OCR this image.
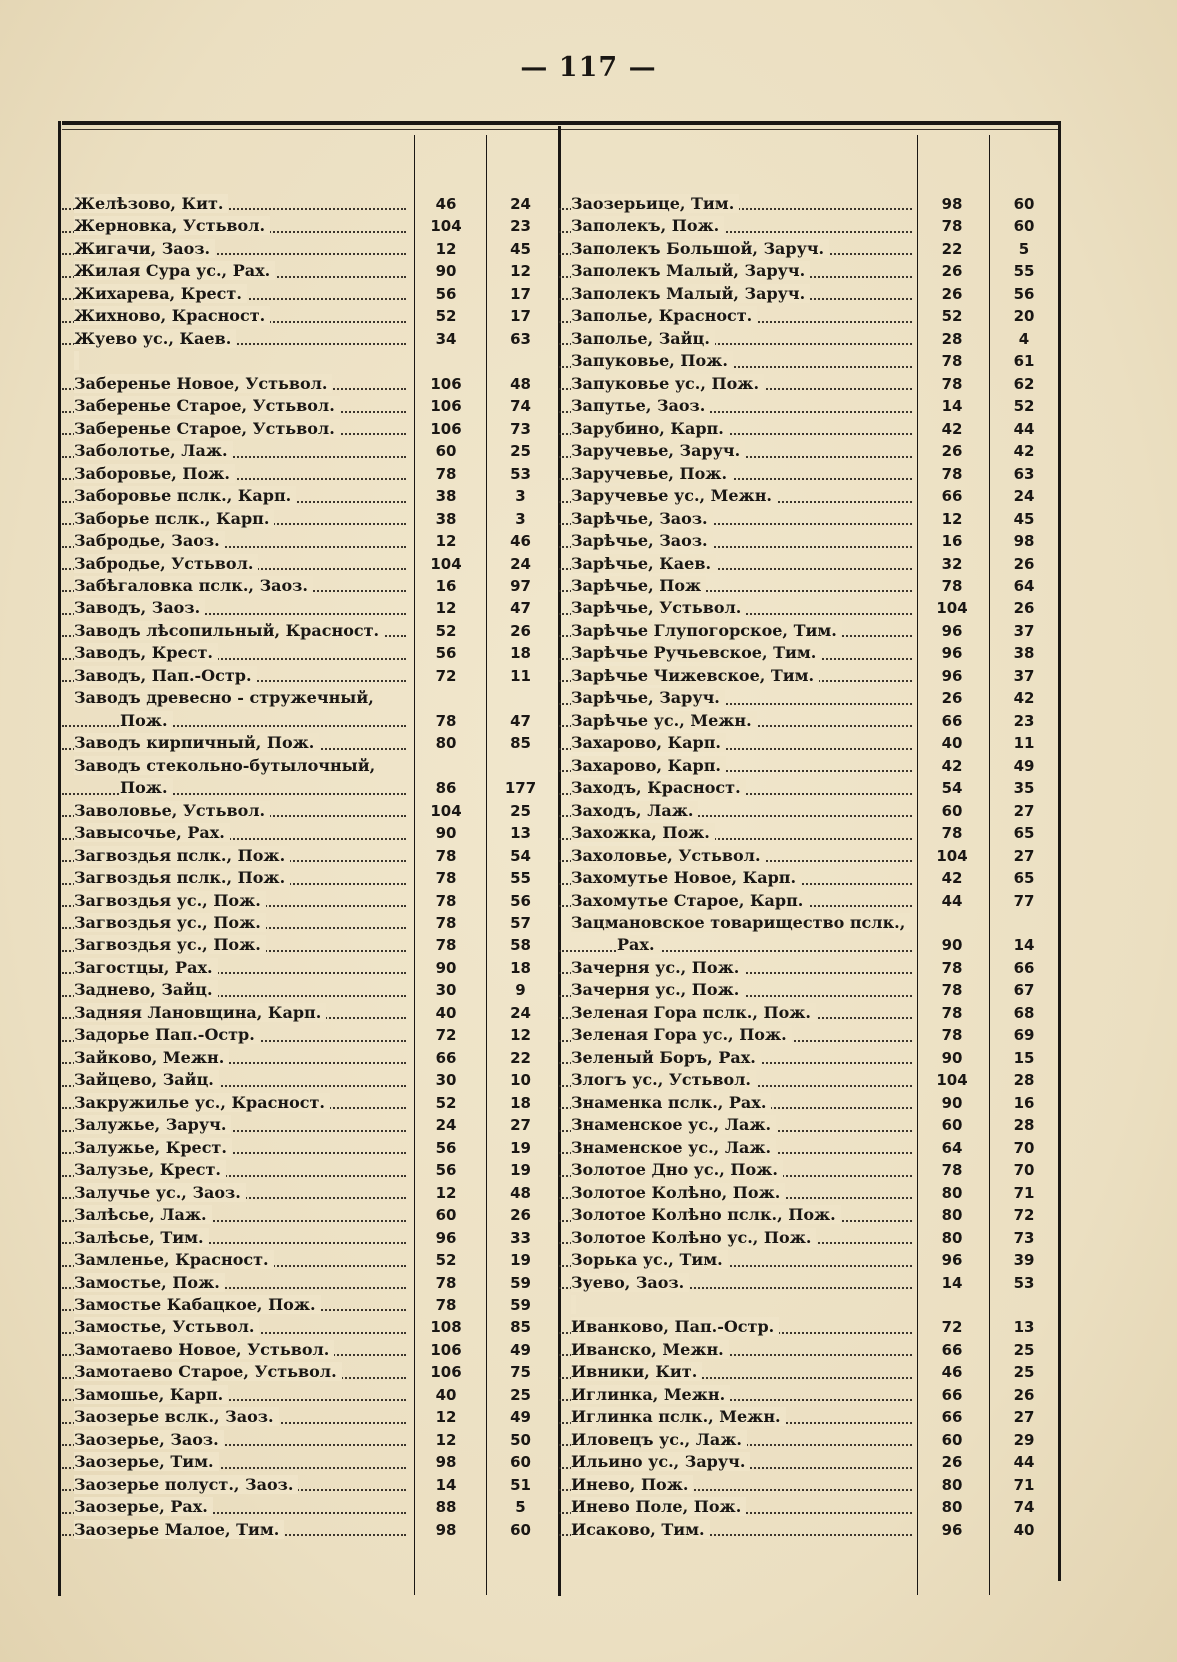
— 117 —
Желѣзово, Кит.	46	24
Жерновка, Устьвол.	104	23
Жигачи, Заоз.	12	45
Жилая Сура ус., Рах.	90	12
Жихарева, Крест.	56	17
Жихново, Красност.	52	17
Жуево ус., Каев.	34	63
Заберенье Новое, Устьвол.	106	48
Заберенье Старое, Устьвол.	106	74
Заберенье Старое, Устьвол.	106	73
Заболотье, Лаж.	60	25
Заборовье, Пож.	78	53
Заборовье пслк., Карп.	38	3
Заборье пслк., Карп.	38	3
Забродье, Заоз.	12	46
Забродье, Устьвол.	104	24
Забѣгаловка пслк., Заоз.	16	97
Заводъ, Заоз.	12	47
Заводъ лѣсопильный, Красност.	52	26
Заводъ, Крест.	56	18
Заводъ, Пап.-Остр.	72	11
Заводъ древесно - стружечный,
Пож.	78	47
Заводъ кирпичный, Пож.	80	85
Заводъ стекольно-бутылочный,
Пож.	86	177
Заволовье, Устьвол.	104	25
Завысочье, Рах.	90	13
Загвоздья пслк., Пож.	78	54
Загвоздья пслк., Пож.	78	55
Загвоздья ус., Пож.	78	56
Загвоздья ус., Пож.	78	57
Загвоздья ус., Пож.	78	58
Загостцы, Рах.	90	18
Заднево, Зайц.	30	9
Задняя Лановщина, Карп.	40	24
Задорье Пап.-Остр.	72	12
Зайково, Межн.	66	22
Зайцево, Зайц.	30	10
Закружилье ус., Красност.	52	18
Залужье, Заруч.	24	27
Залужье, Крест.	56	19
Залузье, Крест.	56	19
Залучье ус., Заоз.	12	48
Залѣсье, Лаж.	60	26
Залѣсье, Тим.	96	33
Замленье, Красност.	52	19
Замостье, Пож.	78	59
Замостье Кабацкое, Пож.	78	59
Замостье, Устьвол.	108	85
Замотаево Новое, Устьвол.	106	49
Замотаево Старое, Устьвол.	106	75
Замошье, Карп.	40	25
Заозерье вслк., Заоз.	12	49
Заозерье, Заоз.	12	50
Заозерье, Тим.	98	60
Заозерье полуст., Заоз.	14	51
Заозерье, Рах.	88	5
Заозерье Малое, Тим.	98	60
Заозерьице, Тим.	98	60
Заполекъ, Пож.	78	60
Заполекъ Большой, Заруч.	22	5
Заполекъ Малый, Заруч.	26	55
Заполекъ Малый, Заруч.	26	56
Заполье, Красност.	52	20
Заполье, Зайц.	28	4
Запуковье, Пож.	78	61
Запуковье ус., Пож.	78	62
Запутье, Заоз.	14	52
Зарубино, Карп.	42	44
Заручевье, Заруч.	26	42
Заручевье, Пож.	78	63
Заручевье ус., Межн.	66	24
Зарѣчье, Заоз.	12	45
Зарѣчье, Заоз.	16	98
Зарѣчье, Каев.	32	26
Зарѣчье, Пож	78	64
Зарѣчье, Устьвол.	104	26
Зарѣчье Глупогорское, Тим.	96	37
Зарѣчье Ручьевское, Тим.	96	38
Зарѣчье Чижевское, Тим.	96	37
Зарѣчье, Заруч.	26	42
Зарѣчье ус., Межн.	66	23
Захарово, Карп.	40	11
Захарово, Карп.	42	49
Заходъ, Красност.	54	35
Заходъ, Лаж.	60	27
Захожка, Пож.	78	65
Захоловье, Устьвол.	104	27
Захомутье Новое, Карп.	42	65
Захомутье Старое, Карп.	44	77
Зацмановское товарищество пслк.,
Рах.	90	14
Зачерня ус., Пож.	78	66
Зачерня ус., Пож.	78	67
Зеленая Гора пслк., Пож.	78	68
Зеленая Гора ус., Пож.	78	69
Зеленый Боръ, Рах.	90	15
Злогъ ус., Устьвол.	104	28
Знаменка пслк., Рах.	90	16
Знаменское ус., Лаж.	60	28
Знаменское ус., Лаж.	64	70
Золотое Дно ус., Пож.	78	70
Золотое Колѣно, Пож.	80	71
Золотое Колѣно пслк., Пож.	80	72
Золотое Колѣно ус., Пож.	80	73
Зорька ус., Тим.	96	39
Зуево, Заоз.	14	53
Иванково, Пап.-Остр.	72	13
Иванско, Межн.	66	25
Ивники, Кит.	46	25
Иглинка, Межн.	66	26
Иглинка пслк., Межн.	66	27
Иловецъ ус., Лаж.	60	29
Ильино ус., Заруч.	26	44
Инево, Пож.	80	71
Инево Поле, Пож.	80	74
Исаково, Тим.	96	40
